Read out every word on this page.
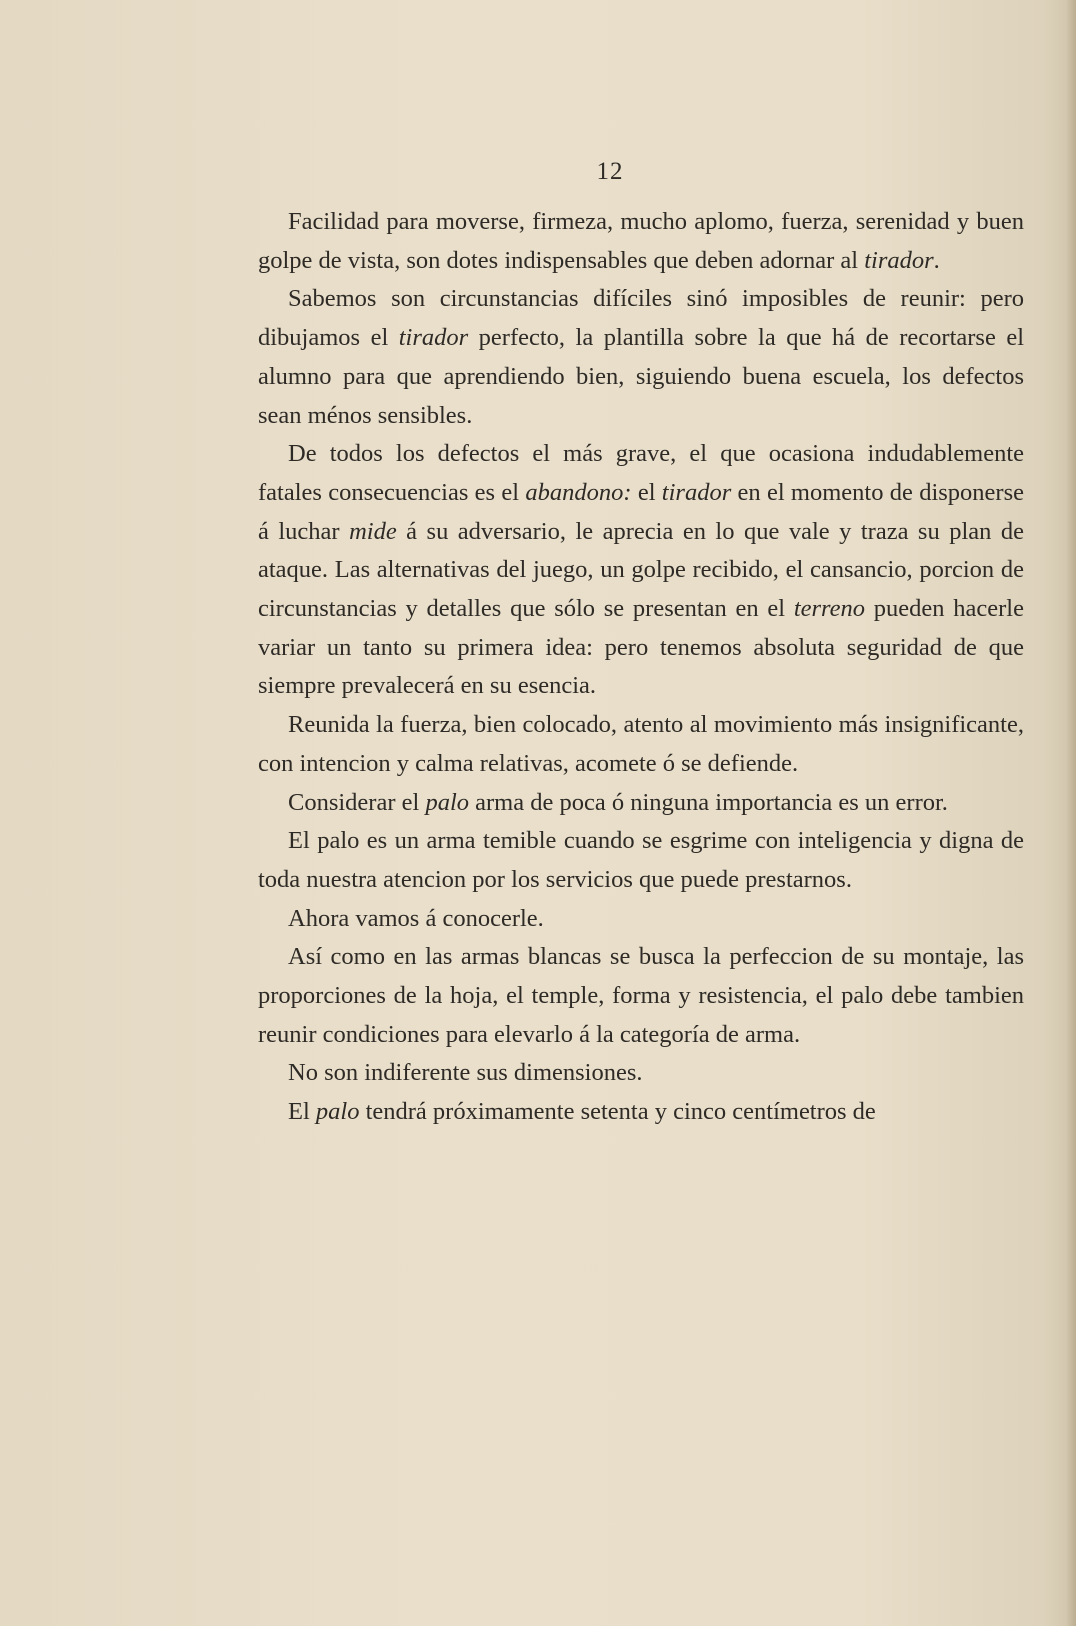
12

Facilidad para moverse, firmeza, mucho aplomo, fuerza, serenidad y buen golpe de vista, son dotes indispensables que deben adornar al tirador.

Sabemos son circunstancias difíciles sinó imposibles de reunir: pero dibujamos el tirador perfecto, la plantilla sobre la que há de recortarse el alumno para que aprendiendo bien, siguiendo buena escuela, los defectos sean ménos sensibles.

De todos los defectos el más grave, el que ocasiona indudablemente fatales consecuencias es el abandono: el tirador en el momento de disponerse á luchar mide á su adversario, le aprecia en lo que vale y traza su plan de ataque. Las alternativas del juego, un golpe recibido, el cansancio, porcion de circunstancias y detalles que sólo se presentan en el terreno pueden hacerle variar un tanto su primera idea: pero tenemos absoluta seguridad de que siempre prevalecerá en su esencia.

Reunida la fuerza, bien colocado, atento al movimiento más insignificante, con intencion y calma relativas, acomete ó se defiende.

Considerar el palo arma de poca ó ninguna importancia es un error.

El palo es un arma temible cuando se esgrime con inteligencia y digna de toda nuestra atencion por los servicios que puede prestarnos.

Ahora vamos á conocerle.

Así como en las armas blancas se busca la perfeccion de su montaje, las proporciones de la hoja, el temple, forma y resistencia, el palo debe tambien reunir condiciones para elevarlo á la categoría de arma.

No son indiferente sus dimensiones.

El palo tendrá próximamente setenta y cinco centímetros de
